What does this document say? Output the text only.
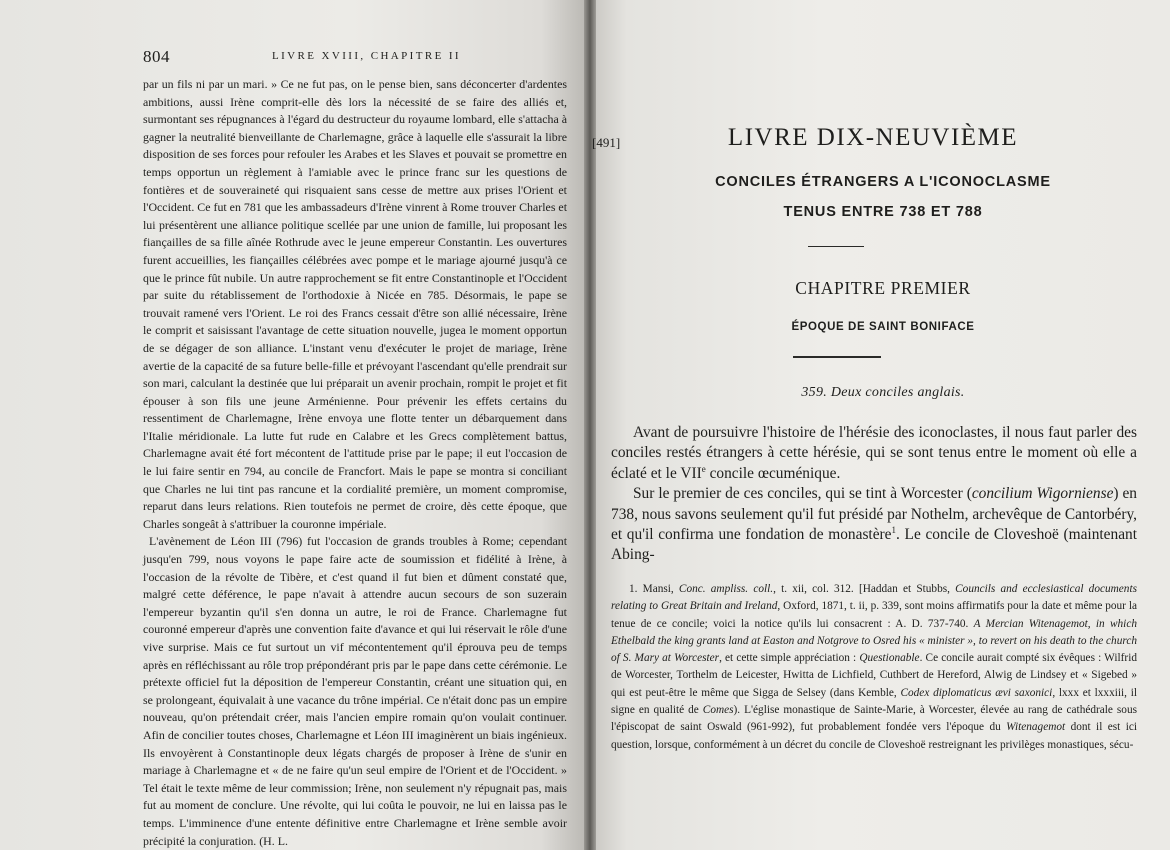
804	LIVRE XVIII, CHAPITRE II

par un fils ni par un mari. » Ce ne fut pas, on le pense bien, sans déconcerter d'ardentes ambitions, aussi Irène comprit-elle dès lors la nécessité de se faire des alliés et, surmontant ses répugnances à l'égard du destructeur du royaume lombard, elle s'attacha à gagner la neutralité bienveillante de Charlemagne, grâce à laquelle elle s'assurait la libre disposition de ses forces pour refouler les Arabes et les Slaves et pouvait se promettre en temps opportun un règlement à l'amiable avec le prince franc sur les questions de fontières et de souveraineté qui risquaient sans cesse de mettre aux prises l'Orient et l'Occident. Ce fut en 781 que les ambassadeurs d'Irène vinrent à Rome trouver Charles et lui présentèrent une alliance politique scellée par une union de famille, lui proposant les fiançailles de sa fille aînée Rothrude avec le jeune empereur Constantin. Les ouvertures furent accueillies, les fiançailles célébrées avec pompe et le mariage ajourné jusqu'à ce que le prince fût nubile. Un autre rapprochement se fit entre Constantinople et l'Occident par suite du rétablissement de l'orthodoxie à Nicée en 785. Désormais, le pape se trouvait ramené vers l'Orient. Le roi des Francs cessait d'être son allié nécessaire, Irène le comprit et saisissant l'avantage de cette situation nouvelle, jugea le moment opportun de se dégager de son alliance. L'instant venu d'exécuter le projet de mariage, Irène avertie de la capacité de sa future belle-fille et prévoyant l'ascendant qu'elle prendrait sur son mari, calculant la destinée que lui préparait un avenir prochain, rompit le projet et fit épouser à son fils une jeune Arménienne. Pour prévenir les effets certains du ressentiment de Charlemagne, Irène envoya une flotte tenter un débarquement dans l'Italie méridionale. La lutte fut rude en Calabre et les Grecs complètement battus, Charlemagne avait été fort mécontent de l'attitude prise par le pape; il eut l'occasion de le lui faire sentir en 794, au concile de Francfort. Mais le pape se montra si conciliant que Charles ne lui tint pas rancune et la cordialité première, un moment compromise, reparut dans leurs relations. Rien toutefois ne permet de croire, dès cette époque, que Charles songeât à s'attribuer la couronne impériale.

L'avènement de Léon III (796) fut l'occasion de grands troubles à Rome; cependant jusqu'en 799, nous voyons le pape faire acte de soumission et fidélité à Irène, à l'occasion de la révolte de Tibère, et c'est quand il fut bien et dûment constaté que, malgré cette déférence, le pape n'avait à attendre aucun secours de son suzerain l'empereur byzantin qu'il s'en donna un autre, le roi de France. Charlemagne fut couronné empereur d'après une convention faite d'avance et qui lui réservait le rôle d'une vive surprise. Mais ce fut surtout un vif mécontentement qu'il éprouva peu de temps après en réfléchissant au rôle trop prépondérant pris par le pape dans cette cérémonie. Le prétexte officiel fut la déposition de l'empereur Constantin, créant une situation qui, en se prolongeant, équivalait à une vacance du trône impérial. Ce n'était donc pas un empire nouveau, qu'on prétendait créer, mais l'ancien empire romain qu'on voulait continuer. Afin de concilier toutes choses, Charlemagne et Léon III imaginèrent un biais ingénieux. Ils envoyèrent à Constantinople deux légats chargés de proposer à Irène de s'unir en mariage à Charlemagne et « de ne faire qu'un seul empire de l'Orient et de l'Occident. » Tel était le texte même de leur commission; Irène, non seulement n'y répugnait pas, mais fut au moment de conclure. Une révolte, qui lui coûta le pouvoir, ne lui en laissa pas le temps. L'imminence d'une entente définitive entre Charlemagne et Irène semble avoir précipité la conjuration. (H. L.

[491]	LIVRE DIX-NEUVIÈME
CONCILES ÉTRANGERS A L'ICONOCLASME
TENUS ENTRE 738 ET 788
CHAPITRE PREMIER
ÉPOQUE DE SAINT BONIFACE
359. Deux conciles anglais.

Avant de poursuivre l'histoire de l'hérésie des iconoclastes, il nous faut parler des conciles restés étrangers à cette hérésie, qui se sont tenus entre le moment où elle a éclaté et le VIIe concile œcuménique.

Sur le premier de ces conciles, qui se tint à Worcester (concilium Wigorniense) en 738, nous savons seulement qu'il fut présidé par Nothelm, archevêque de Cantorbéry, et qu'il confirma une fondation de monastère$^1$. Le concile de Cloveshoë (maintenant Abing-

1. Mansi, Conc. ampliss. coll., t. xii, col. 312. [Haddan et Stubbs, Councils and ecclesiastical documents relating to Great Britain and Ireland, Oxford, 1871, t. ii, p. 339, sont moins affirmatifs pour la date et même pour la tenue de ce concile; voici la notice qu'ils lui consacrent : A. D. 737-740. A Mercian Witenagemot, in which Ethelbald the king grants land at Easton and Notgrove to Osred his « minister », to revert on his death to the church of S. Mary at Worcester, et cette simple appréciation : Questionable. Ce concile aurait compté six évêques : Wilfrid de Worcester, Torthelm de Leicester, Hwitta de Lichfield, Cuthbert de Hereford, Alwig de Lindsey et « Sigebed » qui est peut-être le même que Sigga de Selsey (dans Kemble, Codex diplomaticus ævi saxonici, lxxx et lxxxiii, il signe en qualité de Comes). L'église monastique de Sainte-Marie, à Worcester, élevée au rang de cathédrale sous l'épiscopat de saint Oswald (961-992), fut probablement fondée vers l'époque du Witenagemot dont il est ici question, lorsque, conformément à un décret du concile de Cloveshoë restreignant les privilèges monastiques, sécu-
